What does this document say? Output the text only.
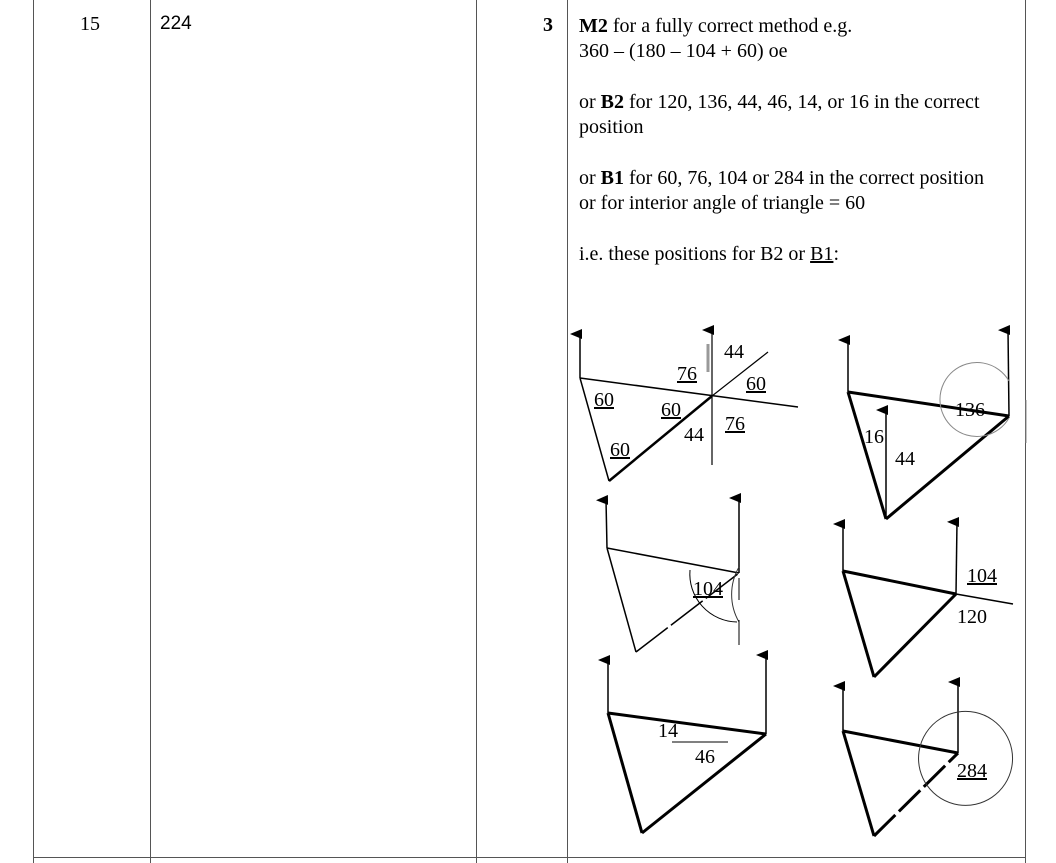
15	224	3 M2 for a fully correct method e.g.
360 – (180 – 104 + 60) oe

or B2 for 120, 136, 44, 46, 14, or 16 in the correct position

or B1 for 60, 76, 104 or 284 in the correct position
or for interior angle of triangle = 60

i.e. these positions for B2 or B1:

60
60
76
60
44
60
44 76
136
16
44
104
104
120
14
46
284
